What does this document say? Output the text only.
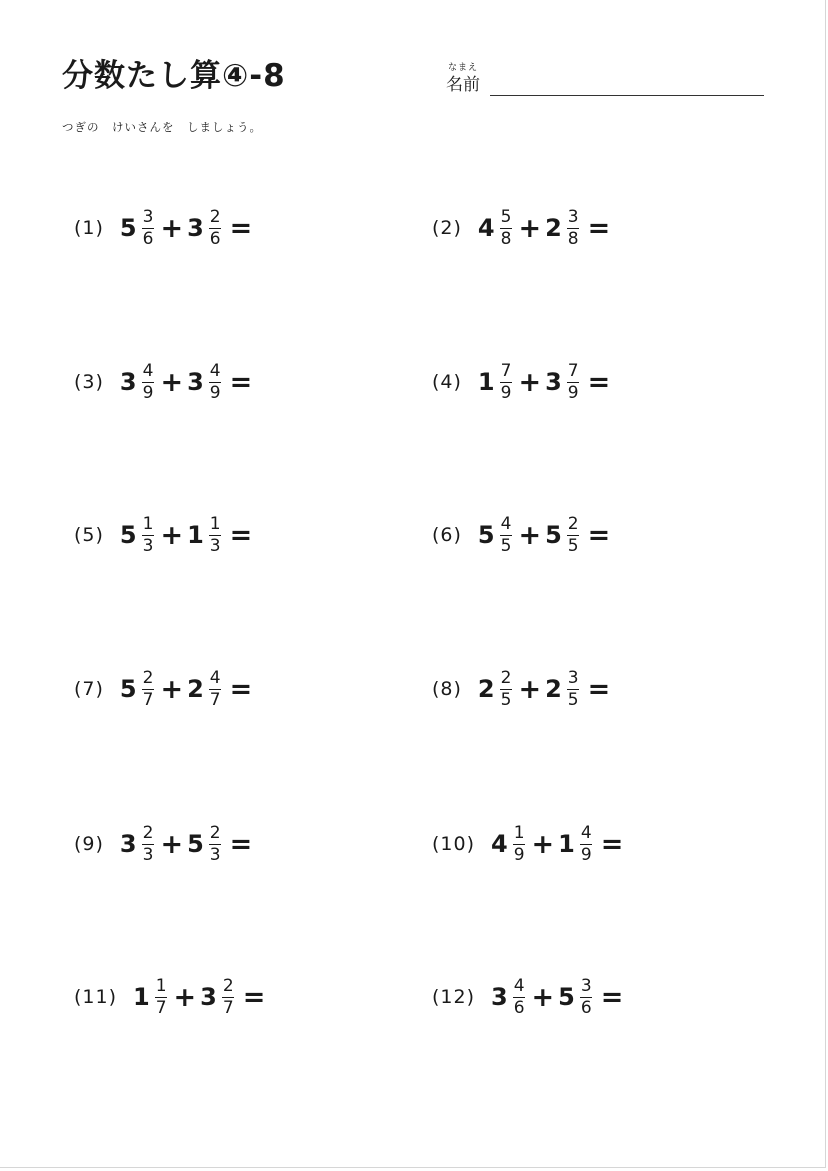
分数たし算④-8	なまえ
名前
つぎの　けいさんを　しましょう。
(1) $5 \frac{3}{6} + 3 \frac{2}{6}$ =	(2) $4 \frac{5}{8} + 2 \frac{3}{8}$ =
(3) $3 \frac{4}{9} + 3 \frac{4}{9}$ =	(4) $1 \frac{7}{9} + 3 \frac{7}{9}$ =
(5) $5 \frac{1}{3} + 1 \frac{1}{3}$ =	(6) $5 \frac{4}{5} + 5 \frac{2}{5}$ =
(7) $5 \frac{2}{7} + 2 \frac{4}{7}$ =	(8) $2 \frac{2}{5} + 2 \frac{3}{5}$ =
(9) $3 \frac{2}{3} + 5 \frac{2}{3}$ =	(10) $4 \frac{1}{9} + 1 \frac{4}{9}$ =
(11) $1 \frac{1}{7} + 3 \frac{2}{7}$ =	(12) $3 \frac{4}{6} + 5 \frac{3}{6}$ =
